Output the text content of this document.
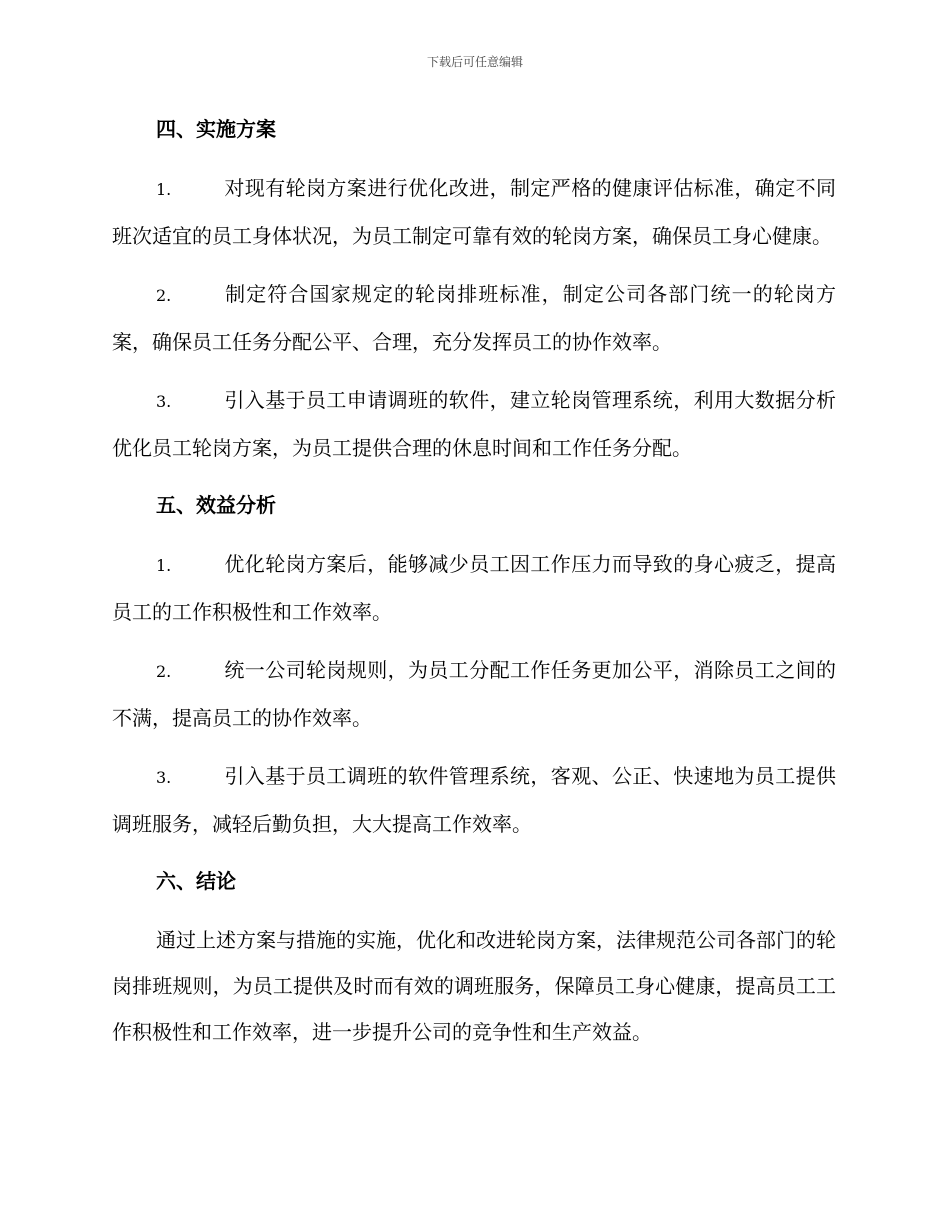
下载后可任意编辑
四、实施方案
1.	对现有轮岗方案进行优化改进，制定严格的健康评估标准，确定不同班次适宜的员工身体状况，为员工制定可靠有效的轮岗方案，确保员工身心健康。
2.	制定符合国家规定的轮岗排班标准，制定公司各部门统一的轮岗方案，确保员工任务分配公平、合理，充分发挥员工的协作效率。
3.	引入基于员工申请调班的软件，建立轮岗管理系统，利用大数据分析优化员工轮岗方案，为员工提供合理的休息时间和工作任务分配。
五、效益分析
1.	优化轮岗方案后，能够减少员工因工作压力而导致的身心疲乏，提高员工的工作积极性和工作效率。
2.	统一公司轮岗规则，为员工分配工作任务更加公平，消除员工之间的不满，提高员工的协作效率。
3.	引入基于员工调班的软件管理系统，客观、公正、快速地为员工提供调班服务，减轻后勤负担，大大提高工作效率。
六、结论

通过上述方案与措施的实施，优化和改进轮岗方案，法律规范公司各部门的轮岗排班规则，为员工提供及时而有效的调班服务，保障员工身心健康，提高员工工作积极性和工作效率，进一步提升公司的竞争性和生产效益。
